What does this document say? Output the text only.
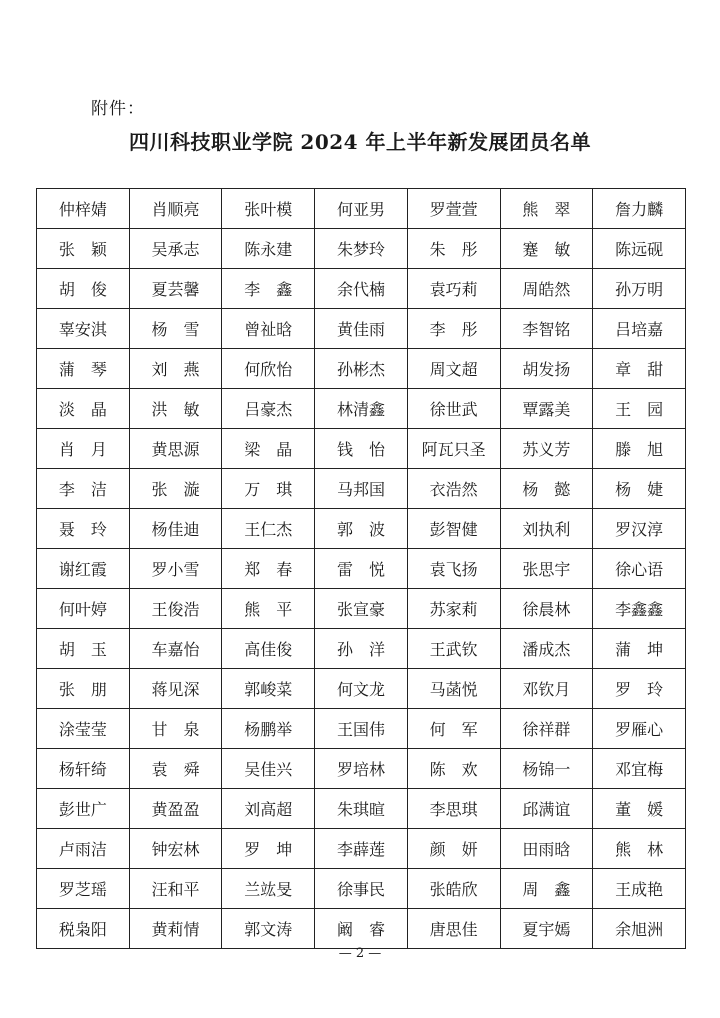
附件：
四川科技职业学院 2024 年上半年新发展团员名单
仲梓婧	肖顺亮	张叶模	何亚男	罗萱萱	熊　翠	詹力麟
张　颖	吴承志	陈永建	朱梦玲	朱　彤	蹇　敏	陈远砚
胡　俊	夏芸馨	李　鑫	余代楠	袁巧莉	周皓然	孙万明
辜安淇	杨　雪	曾祉晗	黄佳雨	李　彤	李智铭	吕培嘉
蒲　琴	刘　燕	何欣怡	孙彬杰	周文超	胡发扬	章　甜
淡　晶	洪　敏	吕豪杰	林清鑫	徐世武	覃露美	王　园
肖　月	黄思源	梁　晶	钱　怡	阿瓦只圣	苏义芳	滕　旭
李　洁	张　漩	万　琪	马邦国	衣浩然	杨　懿	杨　婕
聂　玲	杨佳迪	王仁杰	郭　波	彭智健	刘执利	罗汉淳
谢红霞	罗小雪	郑　春	雷　悦	袁飞扬	张思宇	徐心语
何叶婷	王俊浩	熊　平	张宣豪	苏家莉	徐晨林	李鑫鑫
胡　玉	车嘉怡	高佳俊	孙　洋	王武钦	潘成杰	蒲　坤
张　朋	蒋见深	郭峻菜	何文龙	马菡悦	邓钦月	罗　玲
涂莹莹	甘　泉	杨鹏举	王国伟	何　军	徐祥群	罗雁心
杨轩绮	袁　舜	吴佳兴	罗培林	陈　欢	杨锦一	邓宜梅
彭世广	黄盈盈	刘高超	朱琪暄	李思琪	邱满谊	董　媛
卢雨洁	钟宏林	罗　坤	李薜莲	颜　妍	田雨晗	熊　林
罗芝瑶	汪和平	兰竑旻	徐事民	张皓欣	周　鑫	王成艳
税枭阳	黄莉情	郭文涛	阚　睿	唐思佳	夏宇嫣	余旭洲
— 2 —
